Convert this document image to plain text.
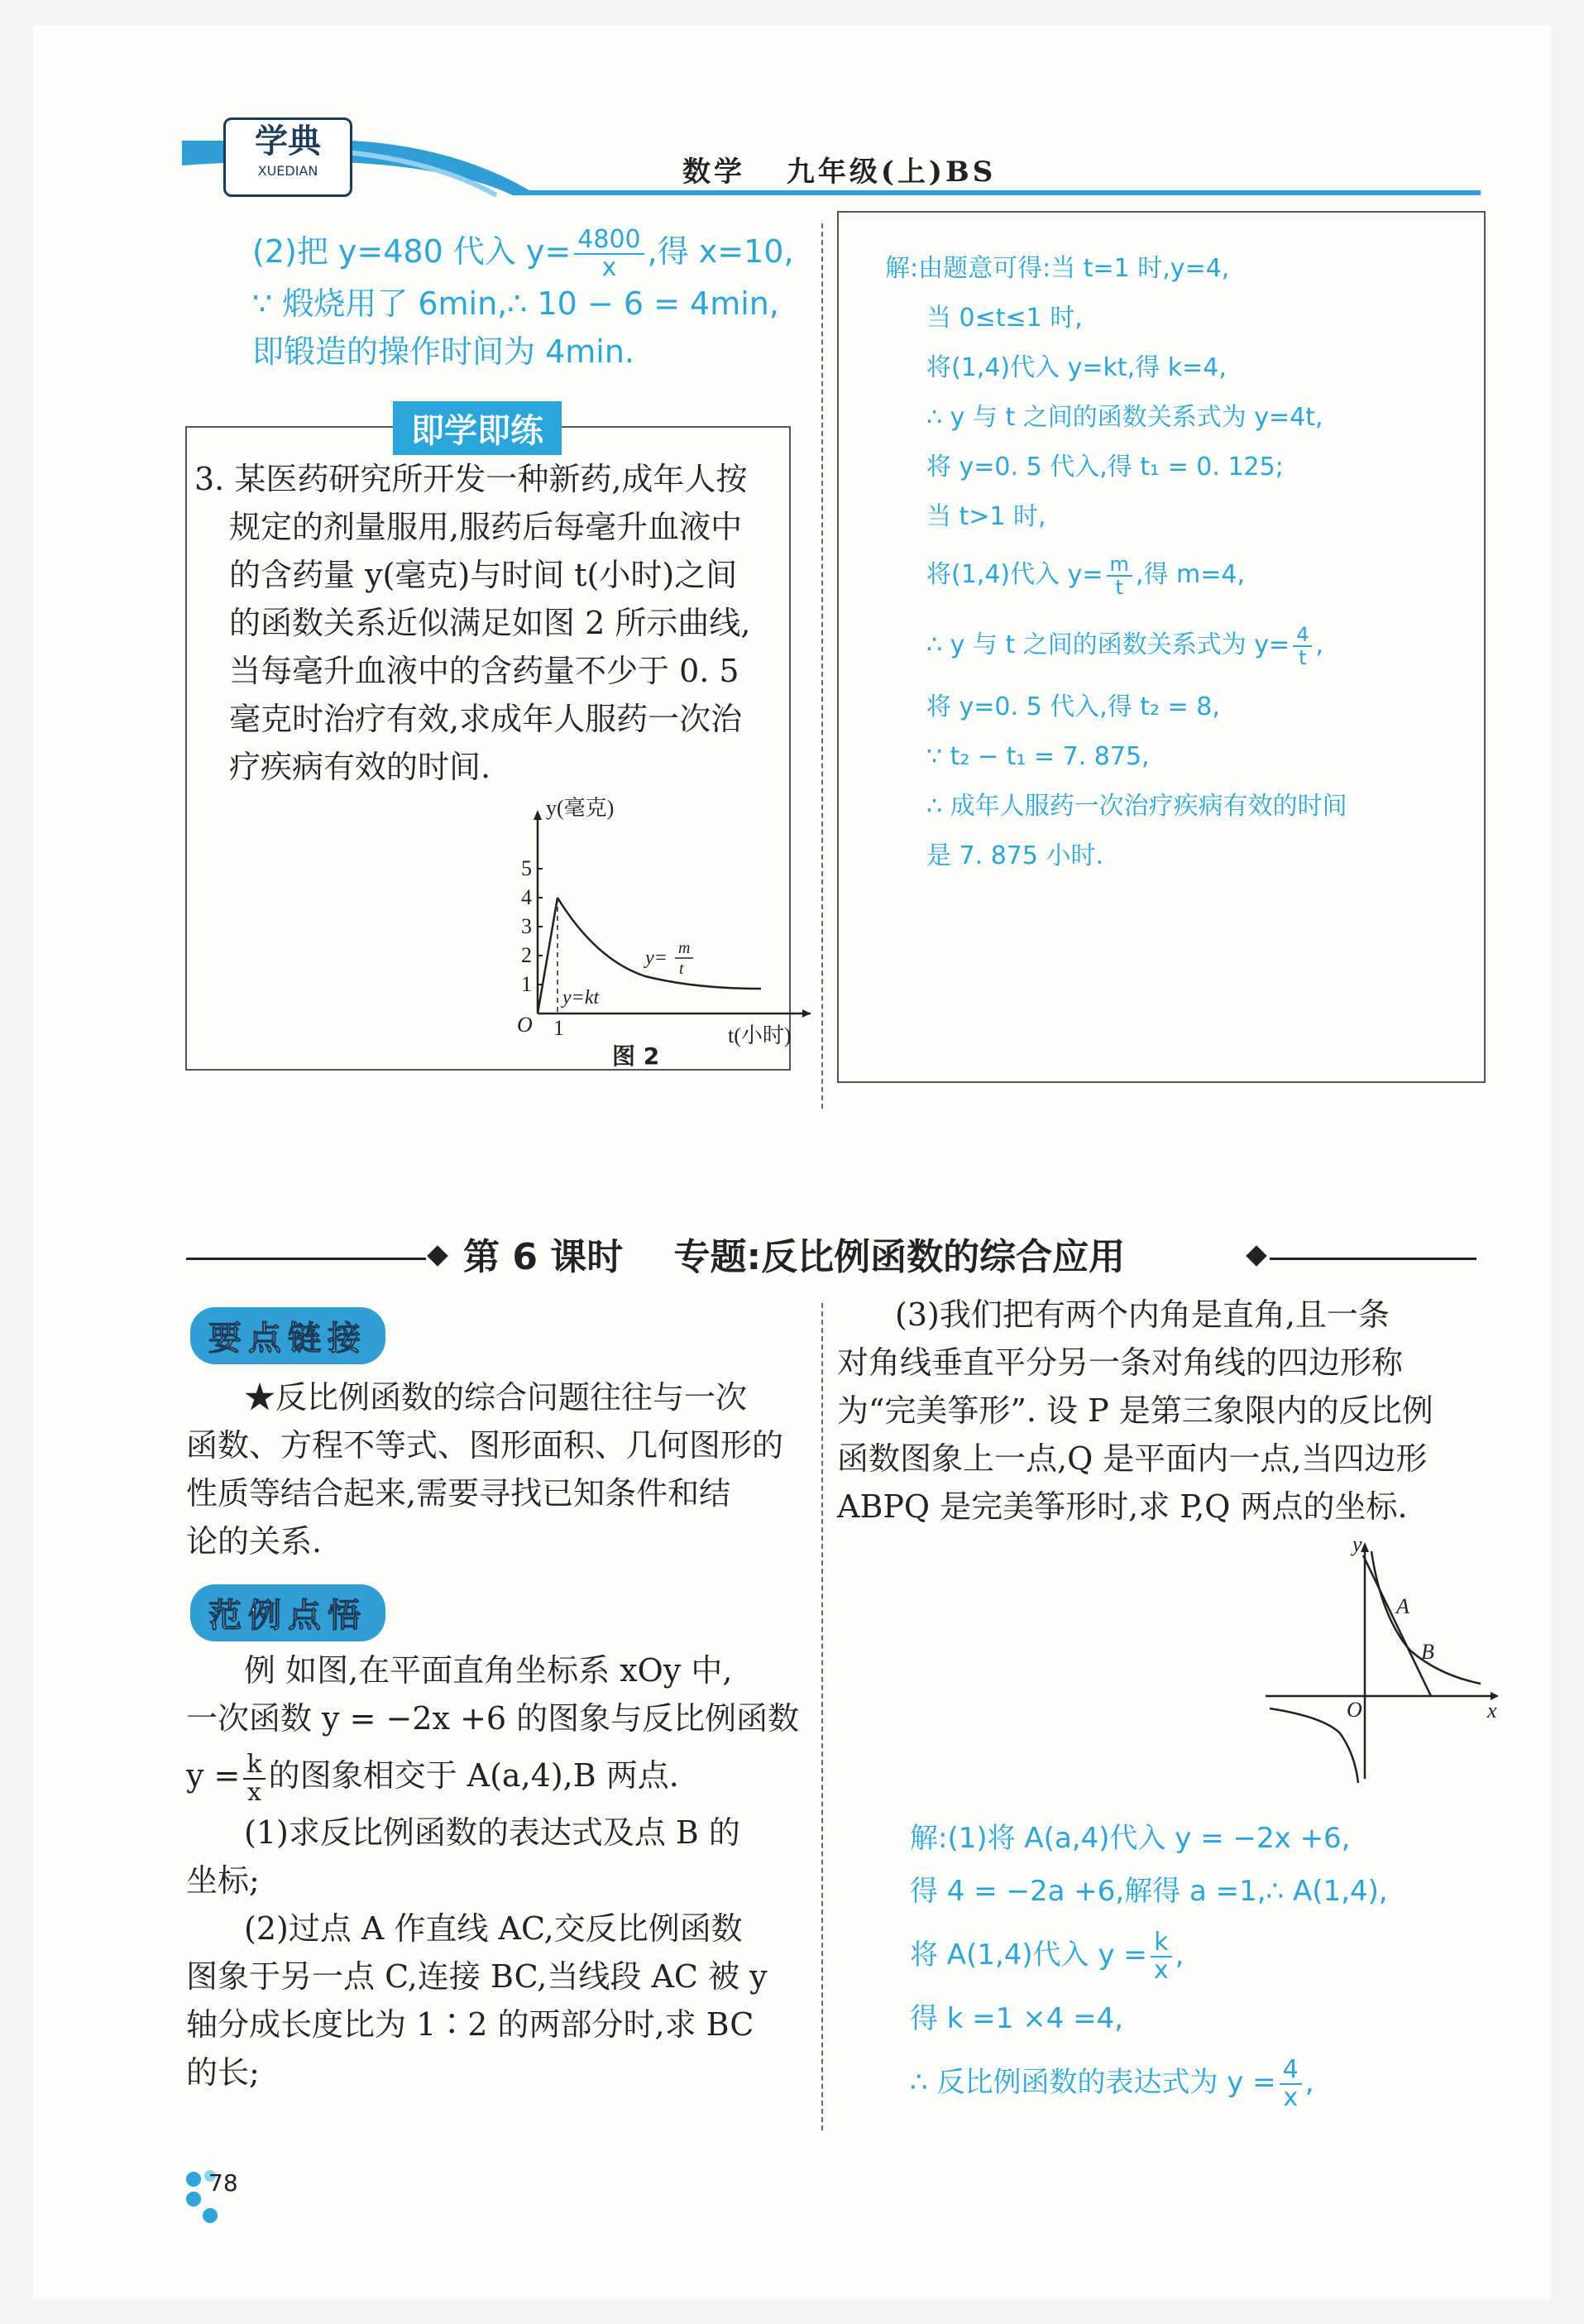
学典
XUEDIAN	数学 九年级(上)BS
(2)把 y=480 代入 $y= \frac{4800}{x}$ ,得 x=10,
∵ 煅烧用了 6min,∴ 10 − 6 = 4min,
即锻造的操作时间为 4min.
即学即练
3. 某医药研究所开发一种新药,成年人按
规定的剂量服用,服药后每毫升血液中
的含药量 y(毫克)与时间 t(小时)之间
的函数关系近似满足如图 2 所示曲线,
当每毫升血液中的含药量不少于 0. 5
毫克时治疗有效,求成年人服药一次治
疗疾病有效的时间.
1
2
3
4
5
O 1
y(毫克)
t(小时)
y=kt
y= m
t
图 2
解:由题意可得:当 t=1 时,y=4,
当 0≤t≤1 时,
将(1,4)代入 y=kt,得 k=4,
∴ y 与 t 之间的函数关系式为 y=4t,
将 y=0. 5 代入,得 t₁ = 0. 125;
当 t>1 时,
将(1,4)代入 $y= \frac{m}{t}$ ,得 m=4,
∴ y 与 t 之间的函数关系式为 $y= \frac{4}{t}$ ,
将 y=0. 5 代入,得 t₂ = 8,
∵ t₂ − t₁ = 7. 875,
∴ 成年人服药一次治疗疾病有效的时间
是 7. 875 小时.
第 6 课时    专题:反比例函数的综合应用
要点链接
★反比例函数的综合问题往往与一次
函数、方程不等式、图形面积、几何图形的
性质等结合起来,需要寻找已知条件和结
论的关系.
范例点悟
例 如图,在平面直角坐标系 xOy 中,
一次函数 y = −2x +6 的图象与反比例函数
$y = \frac{k}{x}$ 的图象相交于 A(a,4),B 两点.
(1)求反比例函数的表达式及点 B 的
坐标;
(2)过点 A 作直线 AC,交反比例函数
图象于另一点 C,连接 BC,当线段 AC 被 y
轴分成长度比为 1∶2 的两部分时,求 BC
的长;
(3)我们把有两个内角是直角,且一条
对角线垂直平分另一条对角线的四边形称
为“完美筝形”. 设 P 是第三象限内的反比例
函数图象上一点,Q 是平面内一点,当四边形
ABPQ 是完美筝形时,求 P,Q 两点的坐标.
y
x
O
A
B
解:(1)将 A(a,4)代入 y = −2x +6,
得 4 = −2a +6,解得 a =1,∴ A(1,4),
将 A(1,4)代入 $y = \frac{k}{x}$ ,
得 k =1 ×4 =4,
∴ 反比例函数的表达式为 $y = \frac{4}{x}$ ,
78
